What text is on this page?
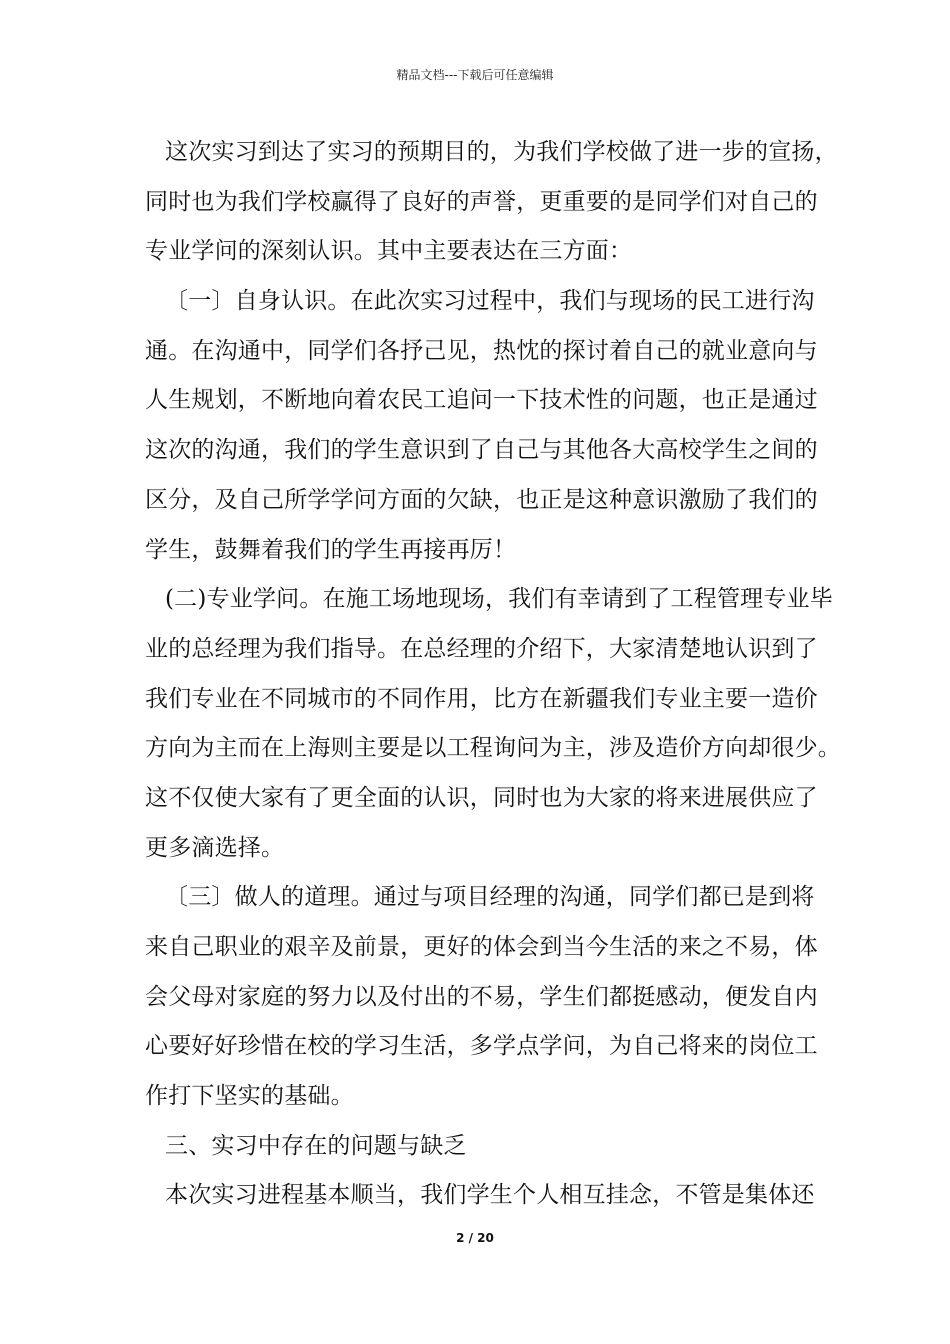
精品文档---下载后可任意编辑
这次实习到达了实习的预期目的，为我们学校做了进一步的宣扬，
同时也为我们学校赢得了良好的声誉，更重要的是同学们对自己的
专业学问的深刻认识。其中主要表达在三方面：
〔一〕自身认识。在此次实习过程中，我们与现场的民工进行沟
通。在沟通中，同学们各抒己见，热忱的探讨着自己的就业意向与
人生规划，不断地向着农民工追问一下技术性的问题，也正是通过
这次的沟通，我们的学生意识到了自己与其他各大高校学生之间的
区分，及自己所学学问方面的欠缺，也正是这种意识激励了我们的
学生，鼓舞着我们的学生再接再厉！
(二)专业学问。在施工场地现场，我们有幸请到了工程管理专业毕
业的总经理为我们指导。在总经理的介绍下，大家清楚地认识到了
我们专业在不同城市的不同作用，比方在新疆我们专业主要一造价
方向为主而在上海则主要是以工程询问为主，涉及造价方向却很少。
这不仅使大家有了更全面的认识，同时也为大家的将来进展供应了
更多滴选择。
〔三〕做人的道理。通过与项目经理的沟通，同学们都已是到将
来自己职业的艰辛及前景，更好的体会到当今生活的来之不易，体
会父母对家庭的努力以及付出的不易，学生们都挺感动，便发自内
心要好好珍惜在校的学习生活，多学点学问，为自己将来的岗位工
作打下坚实的基础。
三、实习中存在的问题与缺乏
本次实习进程基本顺当，我们学生个人相互挂念，不管是集体还
2 / 20
